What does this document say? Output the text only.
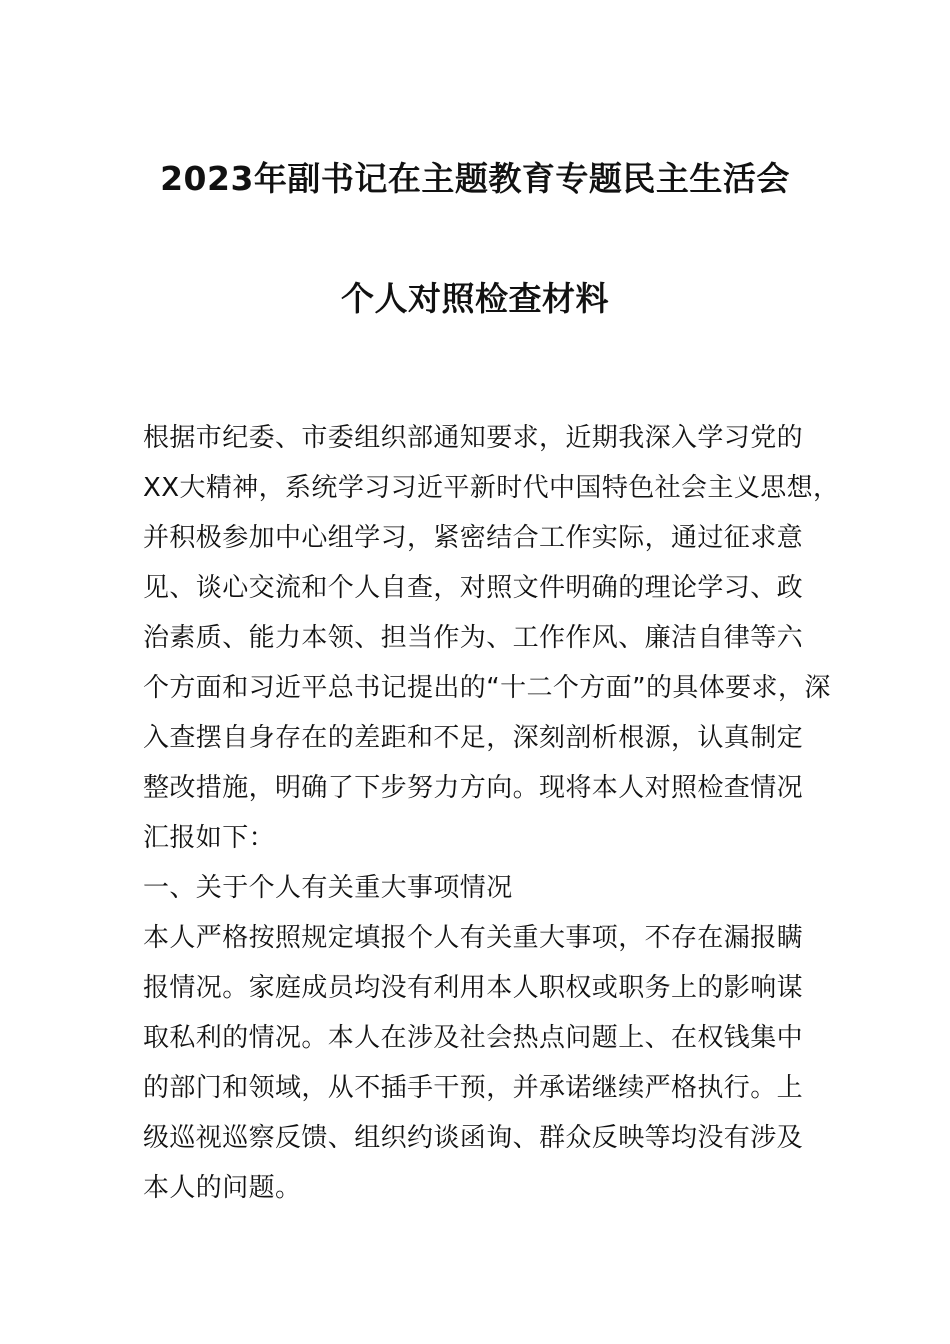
2023年副书记在主题教育专题民主生活会
个人对照检查材料
根据市纪委、市委组织部通知要求，近期我深入学习党的
XX大精神，系统学习习近平新时代中国特色社会主义思想，
并积极参加中心组学习，紧密结合工作实际，通过征求意
见、谈心交流和个人自查，对照文件明确的理论学习、政
治素质、能力本领、担当作为、工作作风、廉洁自律等六
个方面和习近平总书记提出的“十二个方面”的具体要求，深
入查摆自身存在的差距和不足，深刻剖析根源，认真制定
整改措施，明确了下步努力方向。现将本人对照检查情况
汇报如下：
一、关于个人有关重大事项情况
本人严格按照规定填报个人有关重大事项，不存在漏报瞒
报情况。家庭成员均没有利用本人职权或职务上的影响谋
取私利的情况。本人在涉及社会热点问题上、在权钱集中
的部门和领域，从不插手干预，并承诺继续严格执行。上
级巡视巡察反馈、组织约谈函询、群众反映等均没有涉及
本人的问题。
